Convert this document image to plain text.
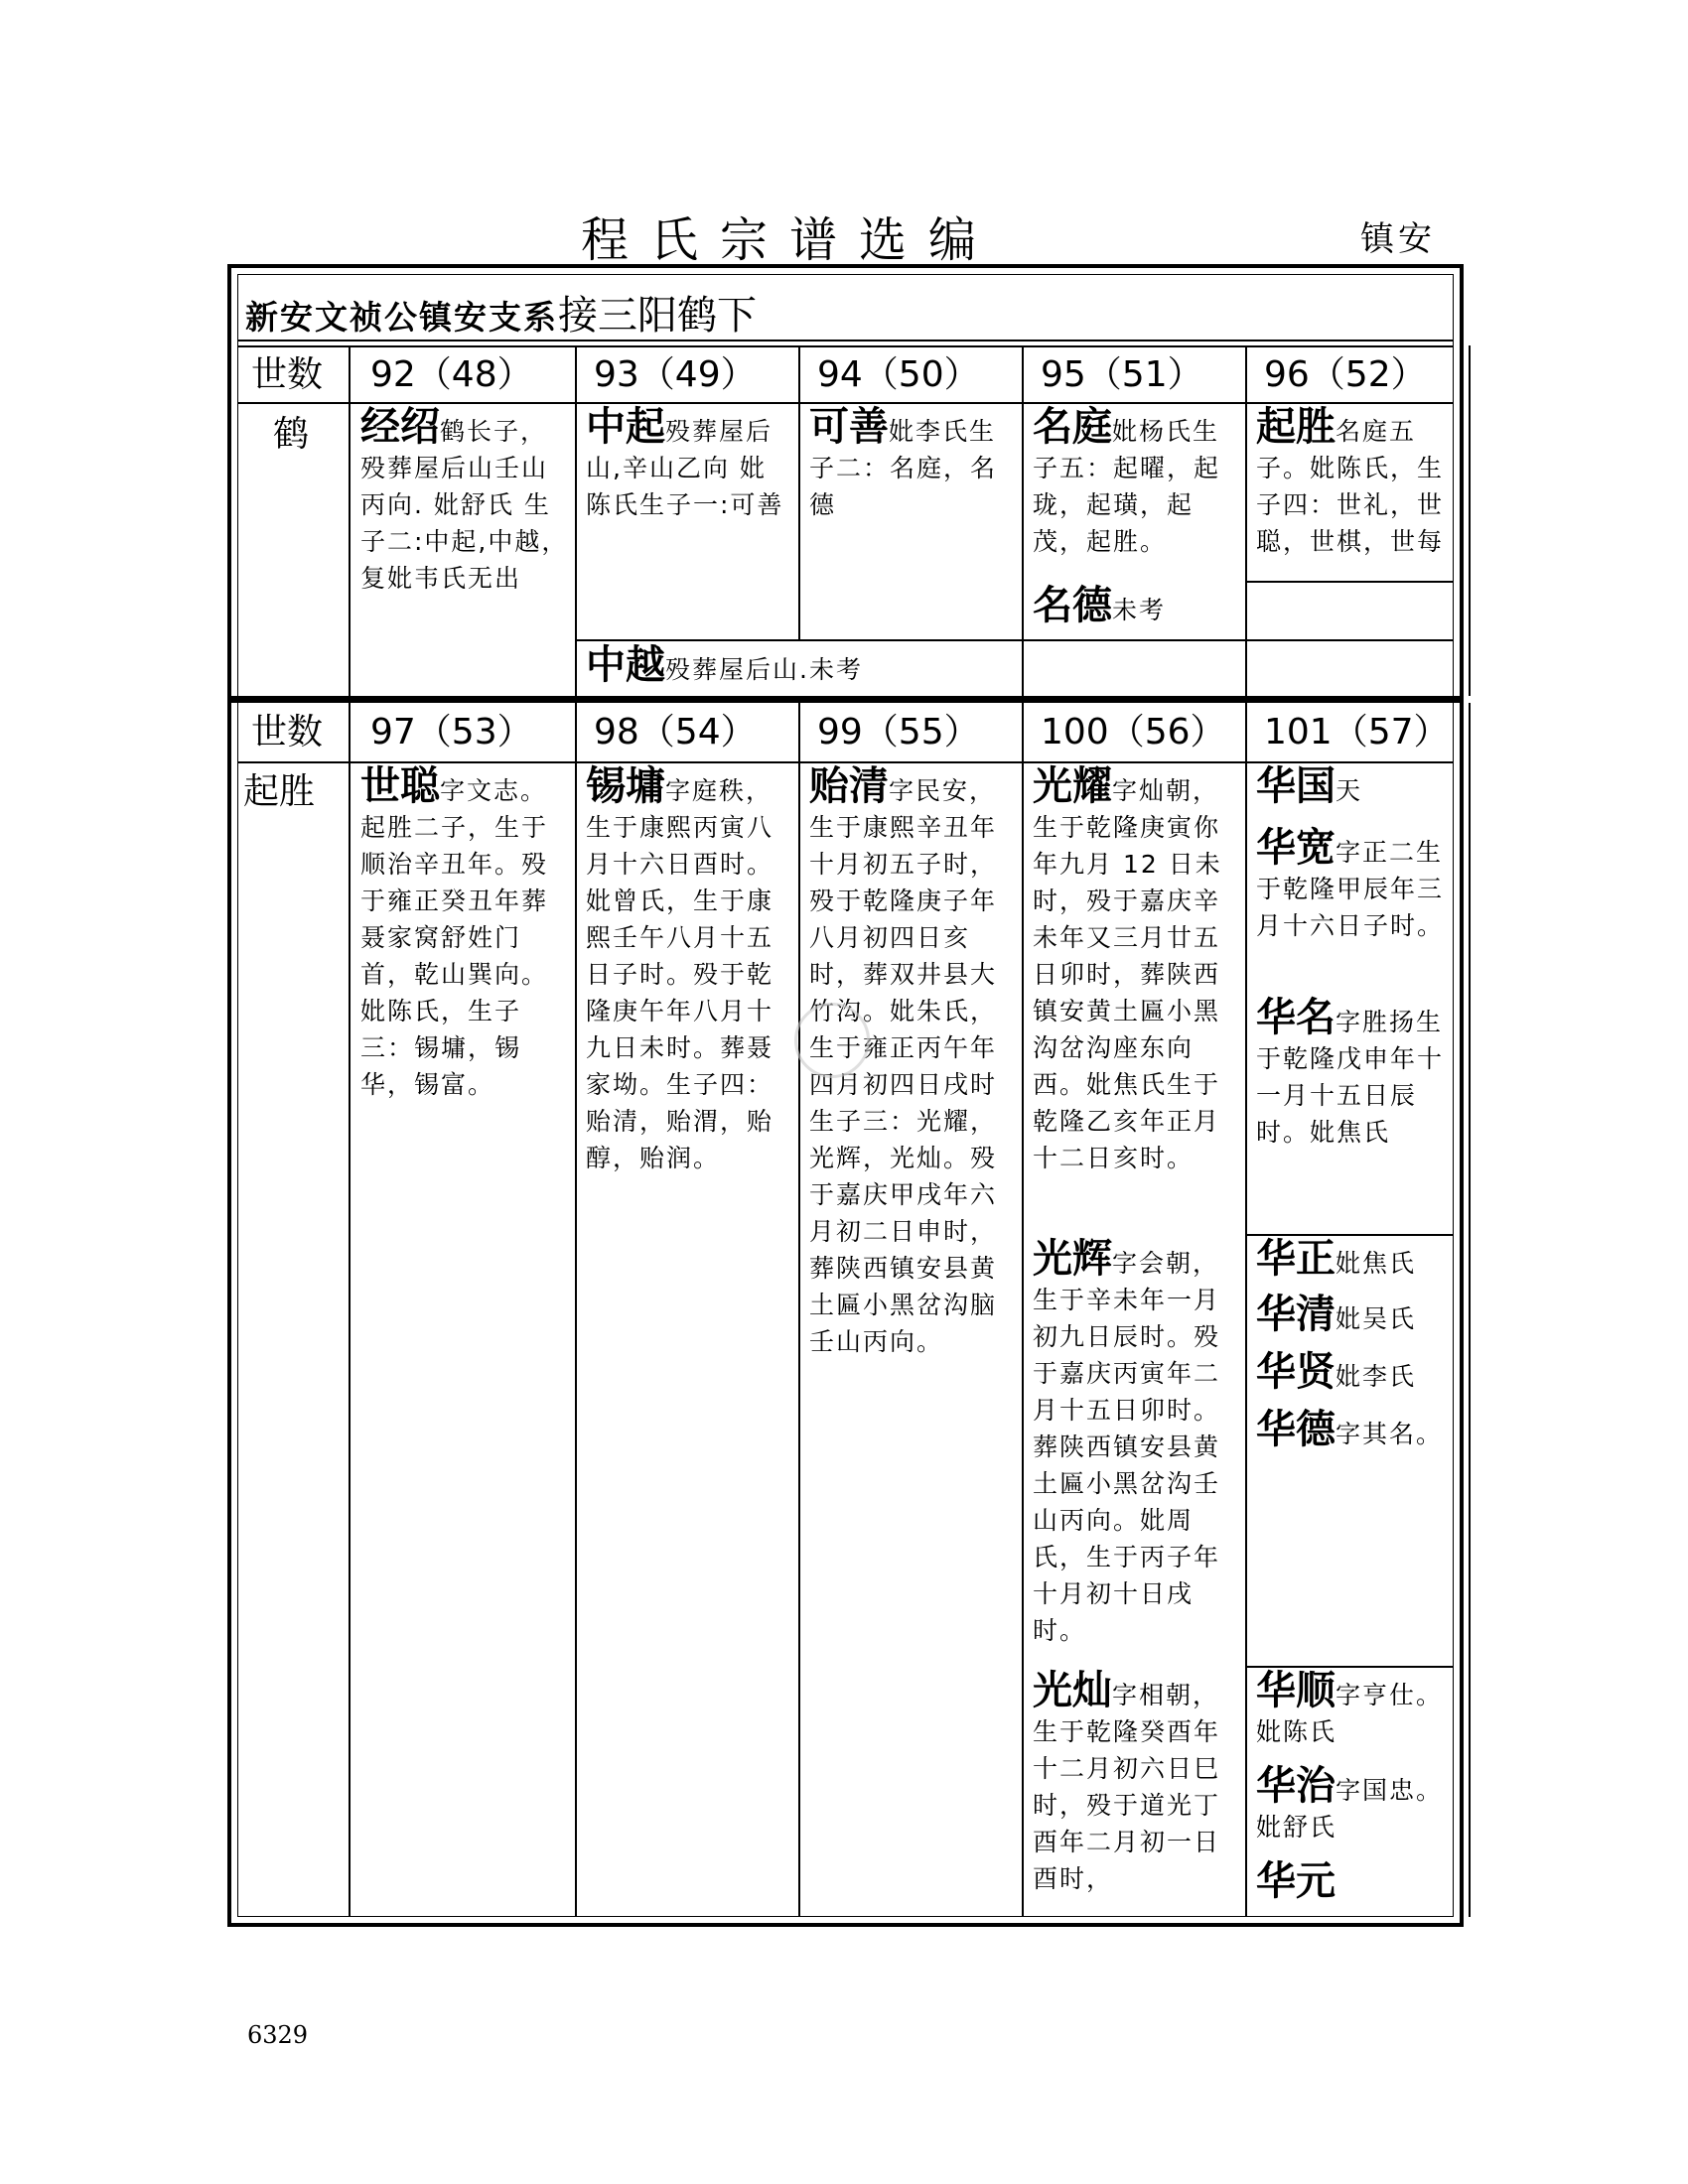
程氏宗谱选编	镇安
新安文祯公镇安支系接三阳鹤下
世数 92（48） 93（49） 94（50） 95（51） 96（52）
鹤 经绍鹤长子，殁葬屋后山壬山丙向. 妣舒氏 生子二:中起,中越，复妣韦氏无出
中起殁葬屋后山,辛山乙向 妣陈氏生子一:可善
中越殁葬屋后山.未考
可善妣李氏生子二：名庭，名德
名庭妣杨氏生子五：起曜，起珑，起璜，起茂，起胜。
名德未考
起胜名庭五子。妣陈氏，生子四：世礼，世聪，世棋，世每
世数 97（53） 98（54） 99（55） 100（56） 101（57）
起胜 世聪字文志。起胜二子，生于顺治辛丑年。殁于雍正癸丑年葬聂家窝舒姓门首，乾山巽向。妣陈氏，生子三：锡墉，锡华，锡富。
锡墉字庭秩，生于康熙丙寅八月十六日酉时。妣曾氏，生于康熙壬午八月十五日子时。殁于乾隆庚午年八月十九日未时。葬聂家坳。生子四：贻清，贻渭，贻醇，贻润。
贻清字民安，生于康熙辛丑年十月初五子时，殁于乾隆庚子年八月初四日亥时，葬双井县大竹沟。妣朱氏，生于雍正丙午年四月初四日戌时生子三：光耀，光辉，光灿。殁于嘉庆甲戌年六月初二日申时，葬陕西镇安县黄土匾小黑岔沟脑壬山丙向。
光耀字灿朝，生于乾隆庚寅你年九月 12 日未时，殁于嘉庆辛未年又三月廿五日卯时，葬陕西镇安黄土匾小黑沟岔沟座东向西。妣焦氏生于乾隆乙亥年正月十二日亥时。
光辉字会朝，生于辛未年一月初九日辰时。殁于嘉庆丙寅年二月十五日卯时。葬陕西镇安县黄土匾小黑岔沟壬山丙向。妣周氏，生于丙子年十月初十日戌时。
光灿字相朝，生于乾隆癸酉年十二月初六日巳时，殁于道光丁酉年二月初一日酉时，
华国天
华宽字正二生于乾隆甲辰年三月十六日子时。
华名字胜扬生于乾隆戊申年十一月十五日辰时。妣焦氏
华正妣焦氏
华清妣吴氏
华贤妣李氏
华德字其名。
华顺字亨仕。妣陈氏
华治字国忠。妣舒氏
华元
6329
